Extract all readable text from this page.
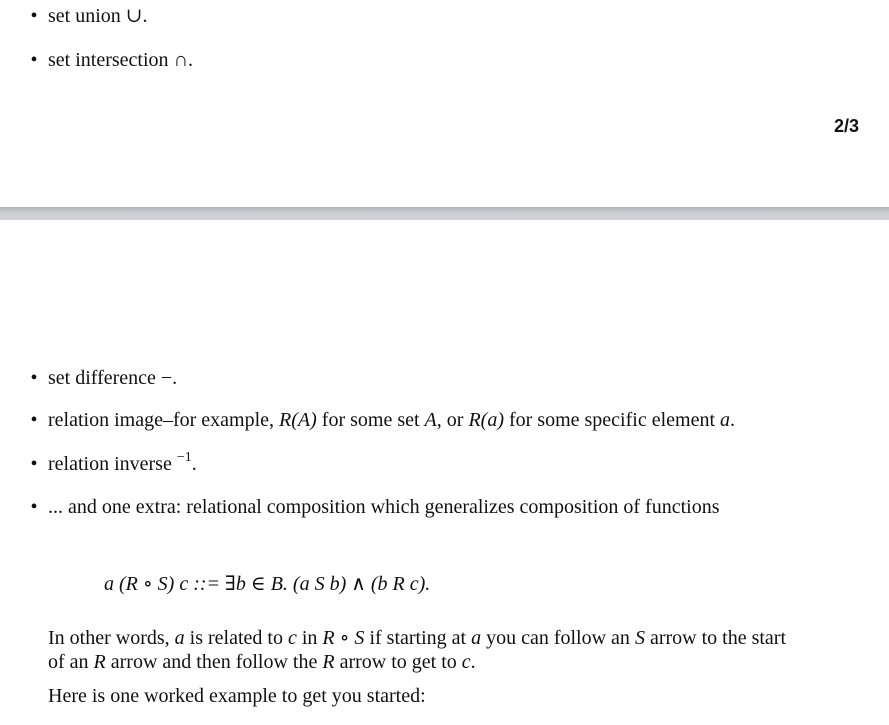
• set union ∪.
• set intersection ∩.
2/3
• set difference −.
• relation image–for example, R(A) for some set A, or R(a) for some specific element a.
• relation inverse $^{-1}$.
• ... and one extra: relational composition which generalizes composition of functions
a (R ∘ S) c ::= ∃b ∈ B. (a S b) ∧ (b R c).
In other words, a is related to c in R ∘ S if starting at a you can follow an S arrow to the start
of an R arrow and then follow the R arrow to get to c.
Here is one worked example to get you started:
